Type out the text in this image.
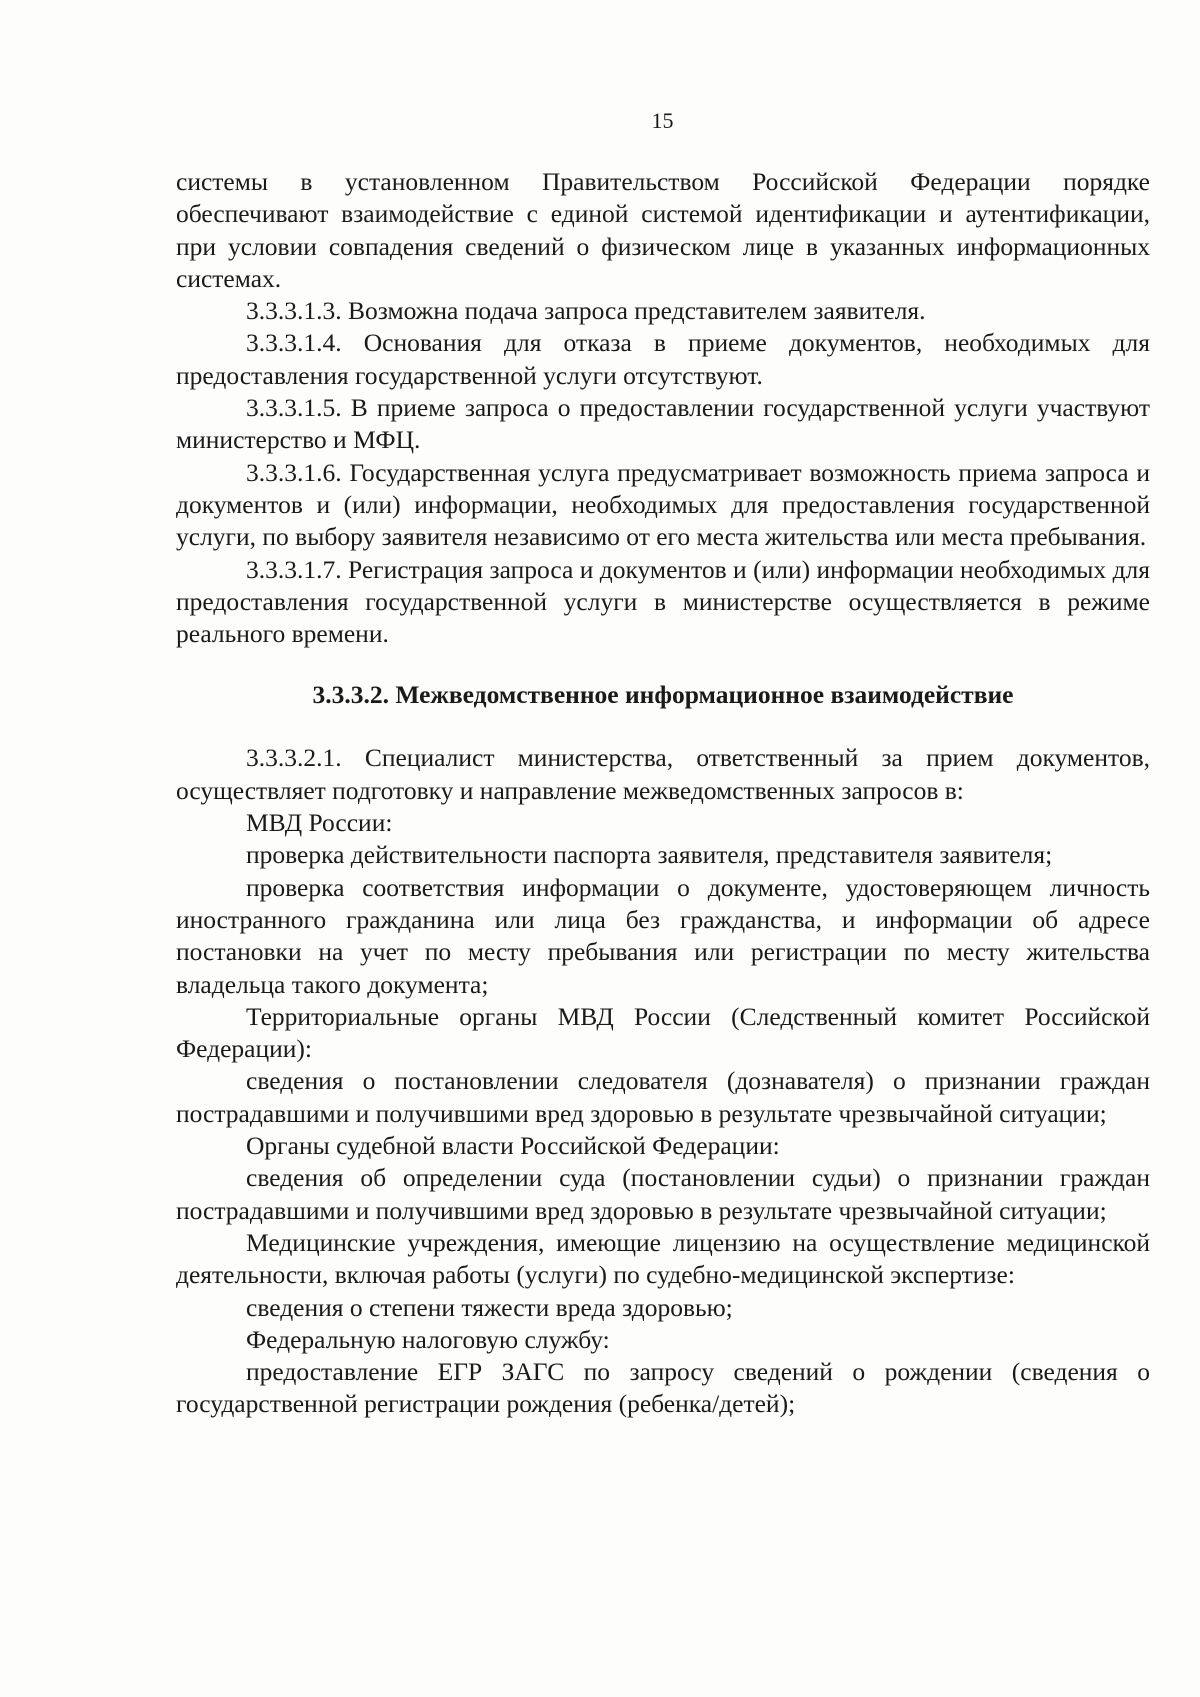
15

системы в установленном Правительством Российской Федерации порядке обеспечивают взаимодействие с единой системой идентификации и аутентификации, при условии совпадения сведений о физическом лице в указанных информационных системах.

3.3.3.1.3. Возможна подача запроса представителем заявителя.

3.3.3.1.4. Основания для отказа в приеме документов, необходимых для предоставления государственной услуги отсутствуют.

3.3.3.1.5. В приеме запроса о предоставлении государственной услуги участвуют министерство и МФЦ.

3.3.3.1.6. Государственная услуга предусматривает возможность приема запроса и документов и (или) информации, необходимых для предоставления государственной услуги, по выбору заявителя независимо от его места жительства или места пребывания.

3.3.3.1.7. Регистрация запроса и документов и (или) информации необходимых для предоставления государственной услуги в министерстве осуществляется в режиме реального времени.

3.3.3.2. Межведомственное информационное взаимодействие

3.3.3.2.1. Специалист министерства, ответственный за прием документов, осуществляет подготовку и направление межведомственных запросов в:

МВД России:

проверка действительности паспорта заявителя, представителя заявителя;

проверка соответствия информации о документе, удостоверяющем личность иностранного гражданина или лица без гражданства, и информации об адресе постановки на учет по месту пребывания или регистрации по месту жительства владельца такого документа;

Территориальные органы МВД России (Следственный комитет Российской Федерации):

сведения о постановлении следователя (дознавателя) о признании граждан пострадавшими и получившими вред здоровью в результате чрезвычайной ситуации;

Органы судебной власти Российской Федерации:

сведения об определении суда (постановлении судьи) о признании граждан пострадавшими и получившими вред здоровью в результате чрезвычайной ситуации;

Медицинские учреждения, имеющие лицензию на осуществление медицинской деятельности, включая работы (услуги) по судебно-медицинской экспертизе:

сведения о степени тяжести вреда здоровью;

Федеральную налоговую службу:

предоставление ЕГР ЗАГС по запросу сведений о рождении (сведения о государственной регистрации рождения (ребенка/детей);
